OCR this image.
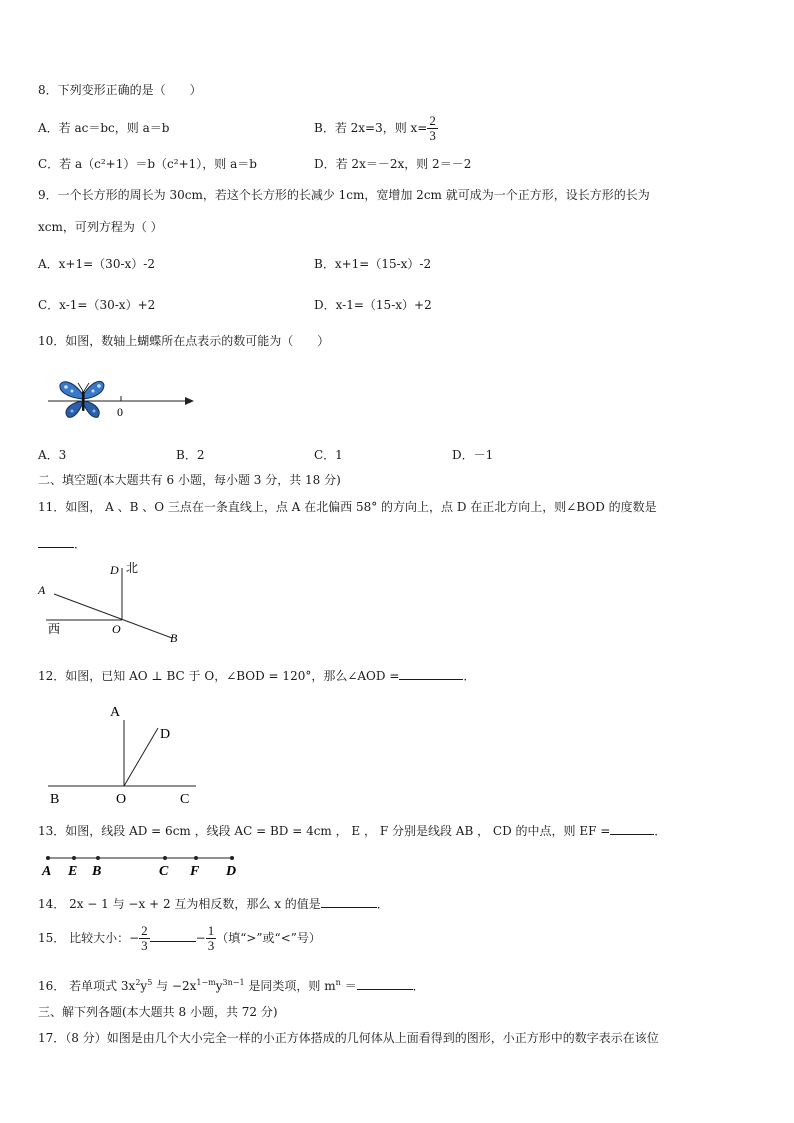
8．下列变形正确的是（　　）
A．若 ac＝bc，则 a＝b	B．若 2x=3，则 $x= \frac{2}{3}$
C．若 a（c²+1）＝b（c²+1），则 a＝b	D．若 2x＝－2x，则 2＝－2
9．一个长方形的周长为 30cm，若这个长方形的长减少 1cm，宽增加 2cm 就可成为一个正方形，设长方形的长为
xcm，可列方程为（ ）
A．x+1=（30-x）-2	B．x+1=（15-x）-2
C．x-1=（30-x）+2	D．x-1=（15-x）+2
10．如图，数轴上蝴蝶所在点表示的数可能为（　　）
0
A．3	B．2	C．1	D．－1
二、填空题(本大题共有 6 小题，每小题 3 分，共 18 分)
11．如图， A 、B 、O 三点在一条直线上，点 A 在北偏西 58° 的方向上，点 D 在正北方向上，则∠BOD 的度数是
．
D 北
A
西	O
B
12．如图，已知 AO ⊥ BC 于 O，∠BOD = 120°，那么∠AOD =	．
A
D
B	O	C
13．如图，线段 AD = 6cm ，线段 AC = BD = 4cm ， E ， F 分别是线段 AB ， CD 的中点，则 EF =	．
A E B	C F D
14． 2x − 1 与 −x + 2 互为相反数，那么 x 的值是	．
15． 比较大小：− $\frac{2}{3}$	− $\frac{1}{3}$ （填“>”或“<”号）
16． 若单项式 $3x^2y^5$ 与 $-2x^{1-m}y^{3n-1}$ 是同类项，则 $m^n$ ＝	．
三、解下列各题(本大题共 8 小题，共 72 分)
17．（8 分）如图是由几个大小完全一样的小正方体搭成的几何体从上面看得到的图形，小正方形中的数字表示在该位
